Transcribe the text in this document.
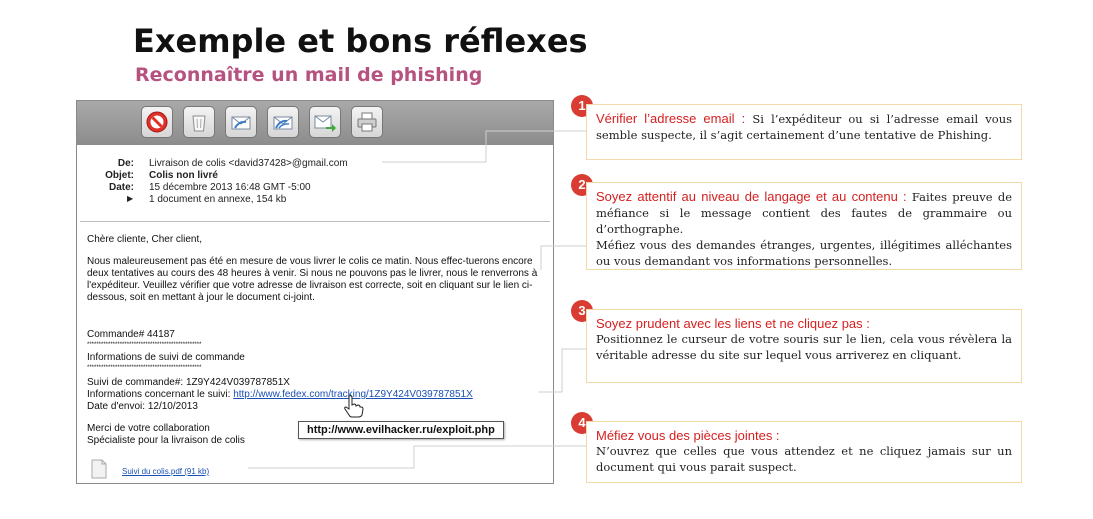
Exemple et bons réflexes
Reconnaître un mail de phishing
De: Livraison de colis <david37428>@gmail.com
Objet: Colis non livré
Date: 15 décembre 2013 16:48 GMT -5:00
▶ 1 document en annexe, 154 kb
Chère cliente, Cher client,
Nous maleureusement pas été en mesure de vous livrer le colis ce matin. Nous effec-tuerons encore deux tentatives au cours des 48 heures à venir. Si nous ne pouvons pas le livrer, nous le renverrons à l'expéditeur. Veuillez vérifier que votre adresse de livraison est correcte, soit en cliquant sur le lien ci-dessous, soit en mettant à jour le document ci-joint.
Commande# 44187
*************************************************
Informations de suivi de commande
*************************************************
Suivi de commande#: 1Z9Y424V039787851X
Informations concernant le suivi: http://www.fedex.com/tracking/1Z9Y424V039787851X
Date d'envoi: 12/10/2013
Merci de votre collaboration
Spécialiste pour la livraison de colis
http://www.evilhacker.ru/exploit.php
Suivi du colis.pdf (91 kb)
1
Vérifier l’adresse email : Si l’expéditeur ou si l’adresse email vous semble suspecte, il s’agit certainement d’une tentative de Phishing.
2
Soyez attentif au niveau de langage et au contenu : Faites preuve de méfiance si le message contient des fautes de grammaire ou d’orthographe.
Méfiez vous des demandes étranges, urgentes, illégitimes alléchantes ou vous demandant vos informations personnelles.
3
Soyez prudent avec les liens et ne cliquez pas :
Positionnez le curseur de votre souris sur le lien, cela vous révèlera la véritable adresse du site sur lequel vous arriverez en cliquant.
4
Méfiez vous des pièces jointes :
N’ouvrez que celles que vous attendez et ne cliquez jamais sur un document qui vous parait suspect.
